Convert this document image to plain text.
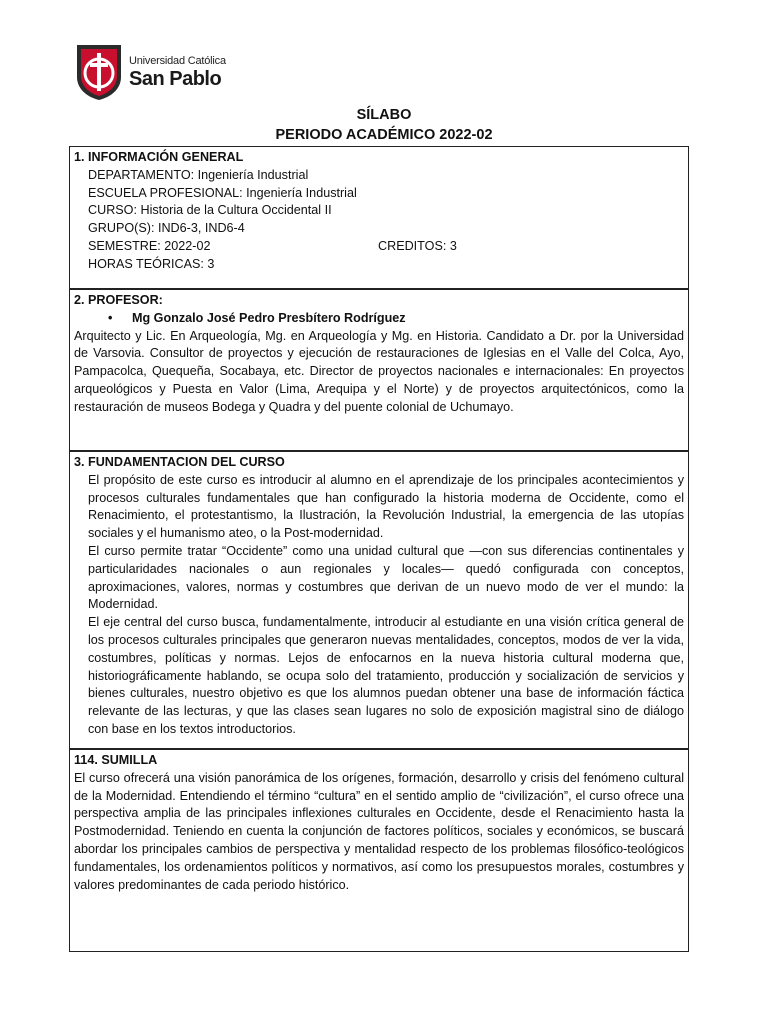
Universidad Católica
San Pablo
SÍLABO
PERIODO ACADÉMICO 2022-02
1. INFORMACIÓN GENERAL
DEPARTAMENTO: Ingeniería Industrial
ESCUELA PROFESIONAL: Ingeniería Industrial
CURSO: Historia de la Cultura Occidental II
GRUPO(S): IND6-3, IND6-4
SEMESTRE: 2022-02	CREDITOS: 3
HORAS TEÓRICAS: 3
2. PROFESOR:
• Mg Gonzalo José Pedro Presbítero Rodríguez

Arquitecto y Lic. En Arqueología, Mg. en Arqueología y Mg. en Historia. Candidato a Dr. por la Universidad de Varsovia. Consultor de proyectos y ejecución de restauraciones de Iglesias en el Valle del Colca, Ayo, Pampacolca, Quequeña, Socabaya, etc. Director de proyectos nacionales e internacionales: En proyectos arqueológicos y Puesta en Valor (Lima, Arequipa y el Norte) y de proyectos arquitectónicos, como la restauración de museos Bodega y Quadra y del puente colonial de Uchumayo.

3. FUNDAMENTACION DEL CURSO

El propósito de este curso es introducir al alumno en el aprendizaje de los principales acontecimientos y procesos culturales fundamentales que han configurado la historia moderna de Occidente, como el Renacimiento, el protestantismo, la Ilustración, la Revolución Industrial, la emergencia de las utopías sociales y el humanismo ateo, o la Post-modernidad.

El curso permite tratar “Occidente” como una unidad cultural que —con sus diferencias continentales y particularidades nacionales o aun regionales y locales— quedó configurada con conceptos, aproximaciones, valores, normas y costumbres que derivan de un nuevo modo de ver el mundo: la Modernidad.

El eje central del curso busca, fundamentalmente, introducir al estudiante en una visión crítica general de los procesos culturales principales que generaron nuevas mentalidades, conceptos, modos de ver la vida, costumbres, políticas y normas. Lejos de enfocarnos en la nueva historia cultural moderna que, historiográficamente hablando, se ocupa solo del tratamiento, producción y socialización de servicios y bienes culturales, nuestro objetivo es que los alumnos puedan obtener una base de información fáctica relevante de las lecturas, y que las clases sean lugares no solo de exposición magistral sino de diálogo con base en los textos introductorios.

114. SUMILLA

El curso ofrecerá una visión panorámica de los orígenes, formación, desarrollo y crisis del fenómeno cultural de la Modernidad. Entendiendo el término “cultura” en el sentido amplio de “civilización”, el curso ofrece una perspectiva amplia de las principales inflexiones culturales en Occidente, desde el Renacimiento hasta la Postmodernidad. Teniendo en cuenta la conjunción de factores políticos, sociales y económicos, se buscará abordar los principales cambios de perspectiva y mentalidad respecto de los problemas filosófico-teológicos fundamentales, los ordenamientos políticos y normativos, así como los presupuestos morales, costumbres y valores predominantes de cada periodo histórico.
